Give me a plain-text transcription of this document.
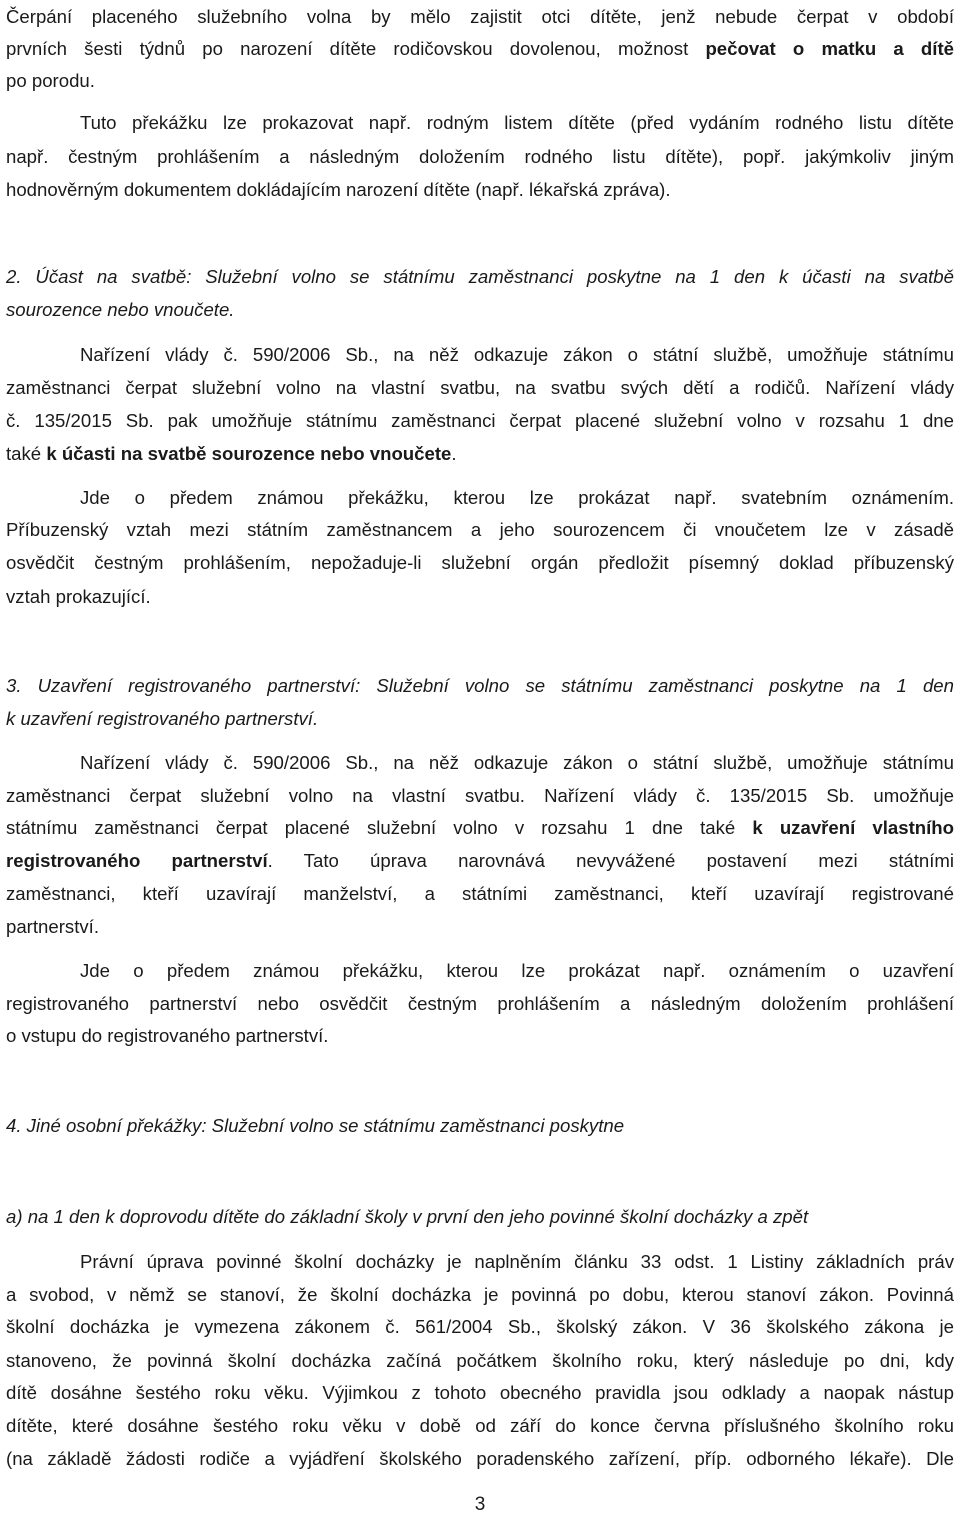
Čerpání placeného služebního volna by mělo zajistit otci dítěte, jenž nebude čerpat v období
prvních šesti týdnů po narození dítěte rodičovskou dovolenou, možnost pečovat o matku a dítě
po porodu.
Tuto překážku lze prokazovat např. rodným listem dítěte (před vydáním rodného listu dítěte
např. čestným prohlášením a následným doložením rodného listu dítěte), popř. jakýmkoliv jiným
hodnověrným dokumentem dokládajícím narození dítěte (např. lékařská zpráva).
2. Účast na svatbě: Služební volno se státnímu zaměstnanci poskytne na 1 den k účasti na svatbě
sourozence nebo vnoučete.
Nařízení vlády č. 590/2006 Sb., na něž odkazuje zákon o státní službě, umožňuje státnímu
zaměstnanci čerpat služební volno na vlastní svatbu, na svatbu svých dětí a rodičů. Nařízení vlády
č. 135/2015 Sb. pak umožňuje státnímu zaměstnanci čerpat placené služební volno v rozsahu 1 dne
také k účasti na svatbě sourozence nebo vnoučete.
Jde o předem známou překážku, kterou lze prokázat např. svatebním oznámením.
Příbuzenský vztah mezi státním zaměstnancem a jeho sourozencem či vnoučetem lze v zásadě
osvědčit čestným prohlášením, nepožaduje-li služební orgán předložit písemný doklad příbuzenský
vztah prokazující.
3. Uzavření registrovaného partnerství: Služební volno se státnímu zaměstnanci poskytne na 1 den
k uzavření registrovaného partnerství.
Nařízení vlády č. 590/2006 Sb., na něž odkazuje zákon o státní službě, umožňuje státnímu
zaměstnanci čerpat služební volno na vlastní svatbu. Nařízení vlády č. 135/2015 Sb. umožňuje
státnímu zaměstnanci čerpat placené služební volno v rozsahu 1 dne také k uzavření vlastního
registrovaného partnerství. Tato úprava narovnává nevyvážené postavení mezi státními
zaměstnanci, kteří uzavírají manželství, a státními zaměstnanci, kteří uzavírají registrované
partnerství.
Jde o předem známou překážku, kterou lze prokázat např. oznámením o uzavření
registrovaného partnerství nebo osvědčit čestným prohlášením a následným doložením prohlášení
o vstupu do registrovaného partnerství.
4. Jiné osobní překážky: Služební volno se státnímu zaměstnanci poskytne
a) na 1 den k doprovodu dítěte do základní školy v první den jeho povinné školní docházky a zpět
Právní úprava povinné školní docházky je naplněním článku 33 odst. 1 Listiny základních práv
a svobod, v němž se stanoví, že školní docházka je povinná po dobu, kterou stanoví zákon. Povinná
školní docházka je vymezena zákonem č. 561/2004 Sb., školský zákon. V 36 školského zákona je
stanoveno, že povinná školní docházka začíná počátkem školního roku, který následuje po dni, kdy
dítě dosáhne šestého roku věku. Výjimkou z tohoto obecného pravidla jsou odklady a naopak nástup
dítěte, které dosáhne šestého roku věku v době od září do konce června příslušného školního roku
(na základě žádosti rodiče a vyjádření školského poradenského zařízení, příp. odborného lékaře). Dle
3
